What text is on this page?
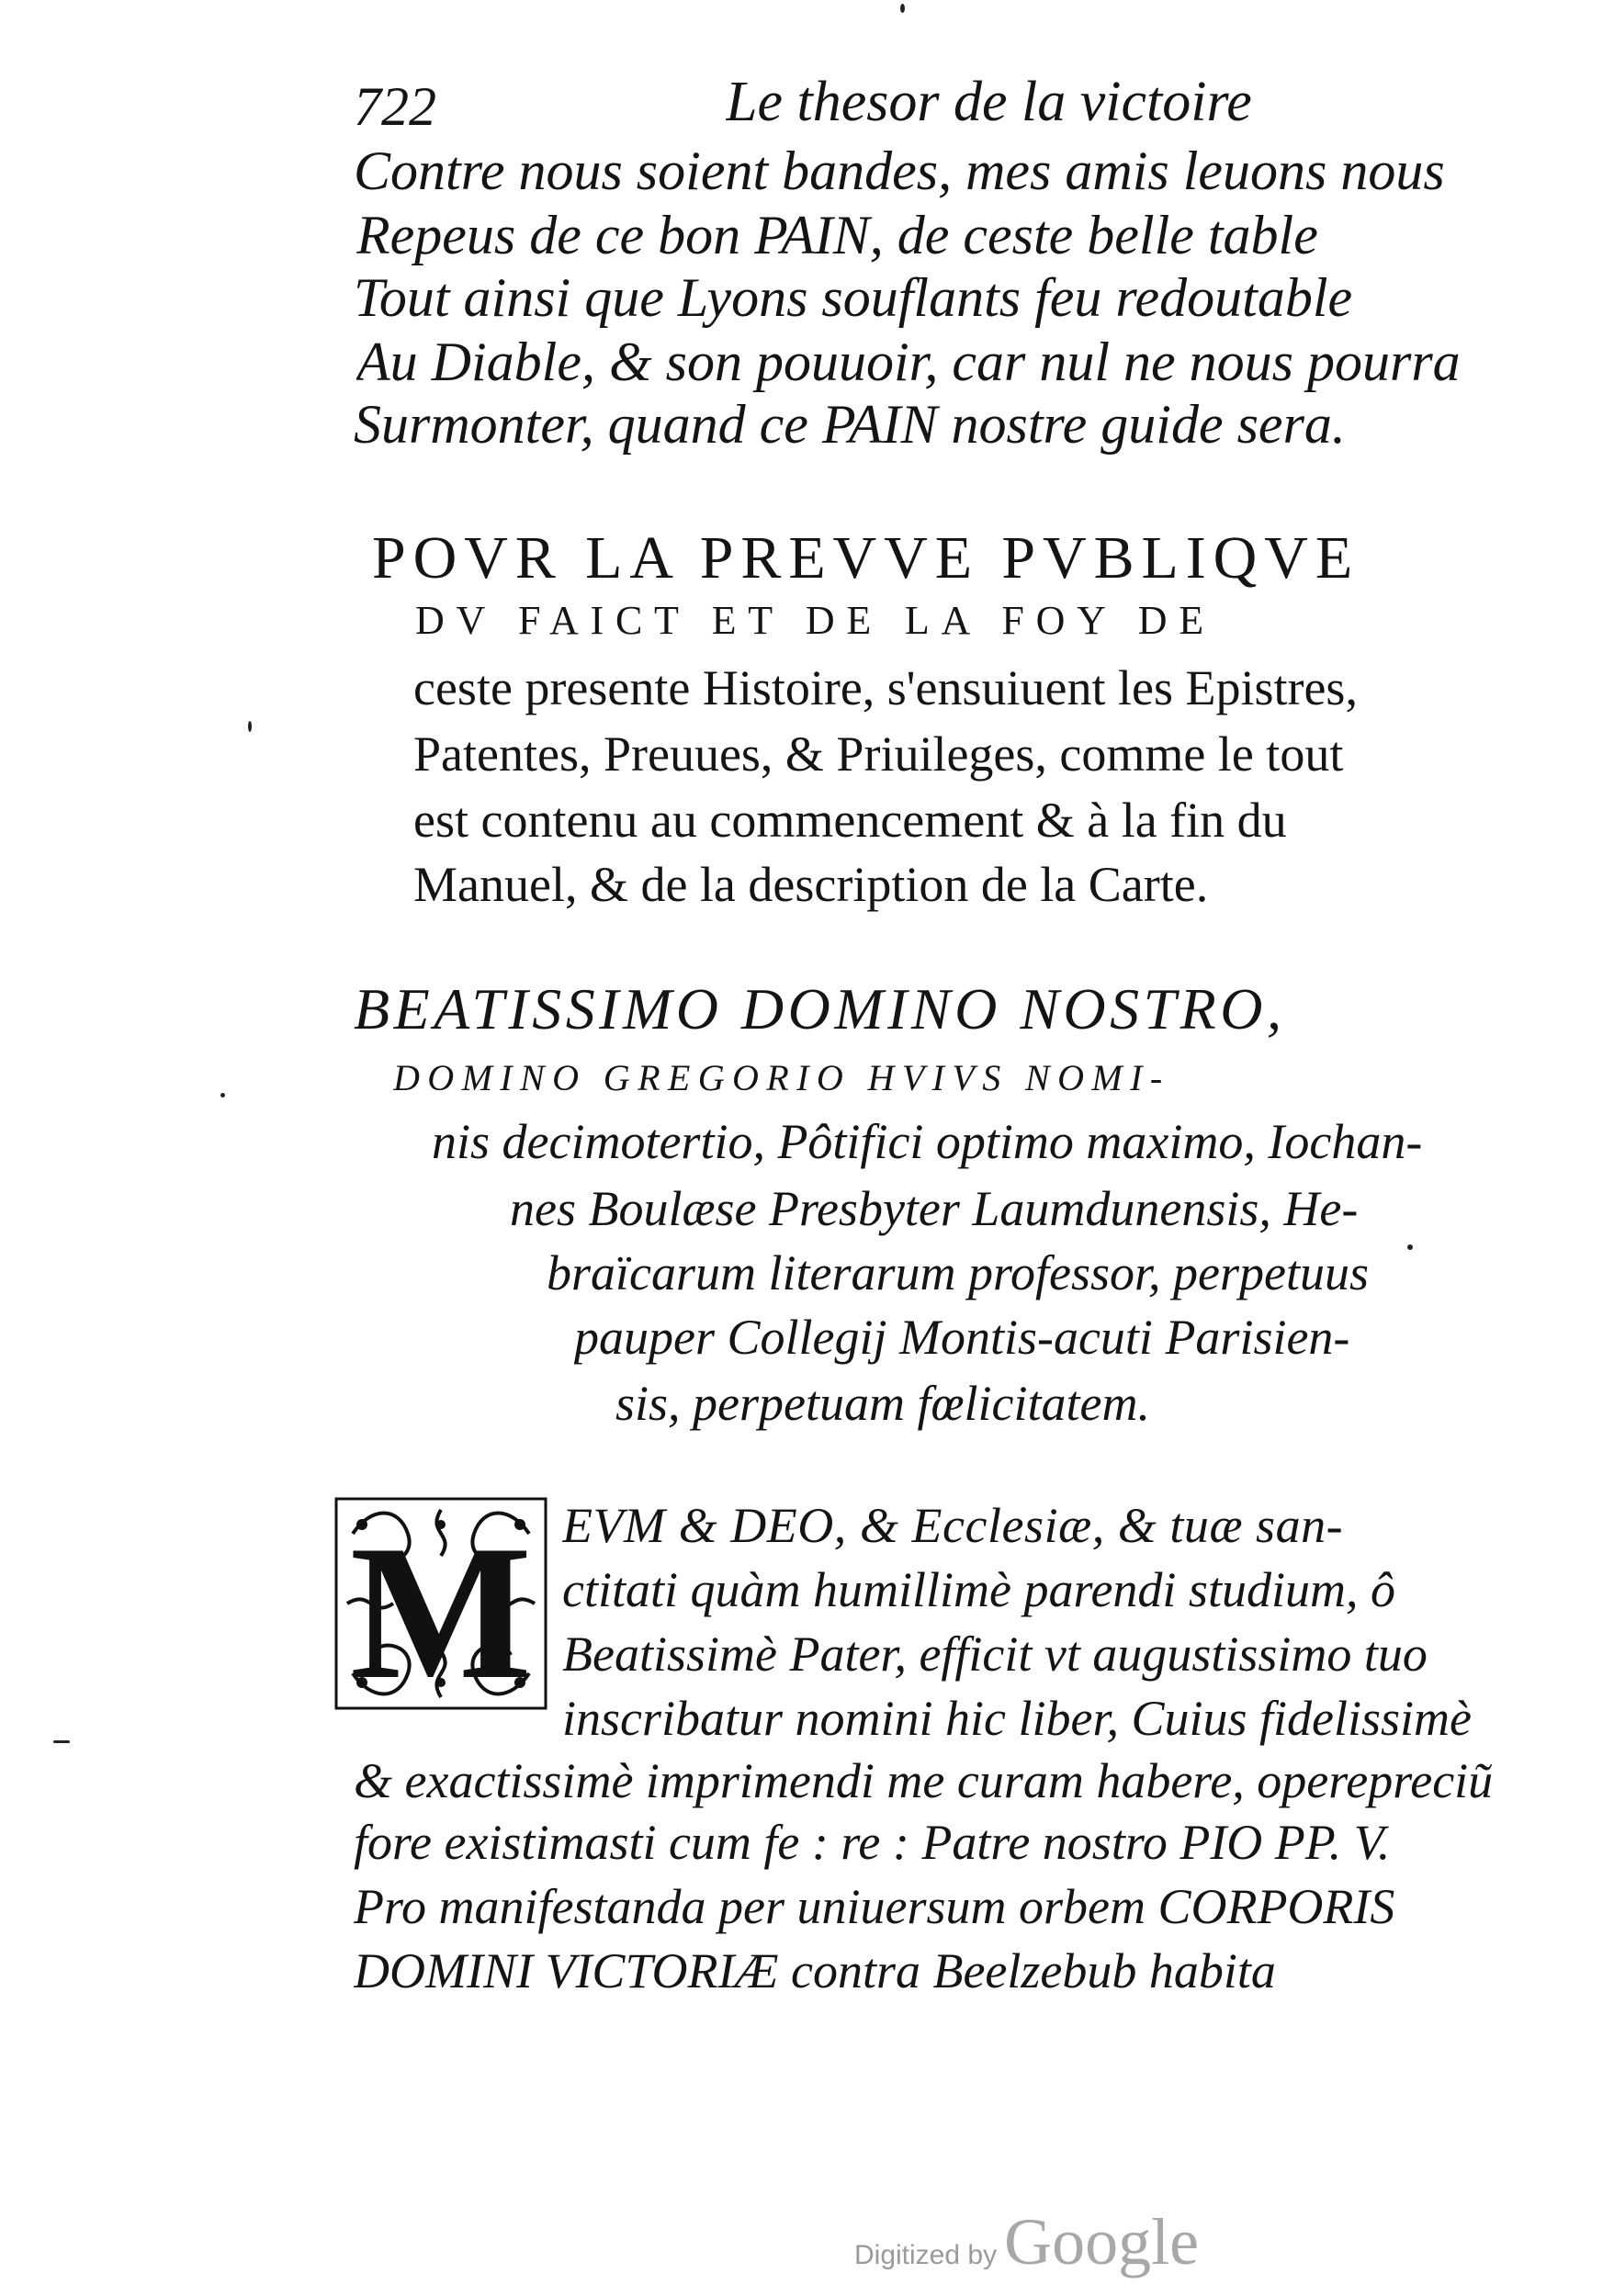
722	Le thesor de la victoire
Contre nous soient bandes, mes amis leuons nous
Repeus de ce bon PAIN, de ceste belle table
Tout ainsi que Lyons souflants feu redoutable
Au Diable, & son pouuoir, car nul ne nous pourra
Surmonter, quand ce PAIN nostre guide sera.
POVR LA PREVVE PVBLIQVE
DV FAICT ET DE LA FOY DE
ceste presente Histoire, s'ensuiuent les Epistres,
Patentes, Preuues, & Priuileges, comme le tout
est contenu au commencement & à la fin du
Manuel, & de la description de la Carte.
BEATISSIMO DOMINO NOSTRO,
DOMINO GREGORIO HVIVS NOMI-
nis decimotertio, Pôtifici optimo maximo, Iochan-
nes Boulæse Presbyter Laumdunensis, He-
braïcarum literarum professor, perpetuus
pauper Collegij Montis-acuti Parisien-
sis, perpetuam fœlicitatem.
M EVM & DEO, & Ecclesiæ, & tuæ san-
ctitati quàm humillimè parendi studium, ô
Beatissimè Pater, efficit vt augustissimo tuo
inscribatur nomini hic liber, Cuius fidelissimè
& exactissimè imprimendi me curam habere, operepreciũ
fore existimasti cum fe : re : Patre nostro PIO PP. V.
Pro manifestanda per uniuersum orbem CORPORIS
DOMINI VICTORIÆ contra Beelzebub habita
Digitized by Google
